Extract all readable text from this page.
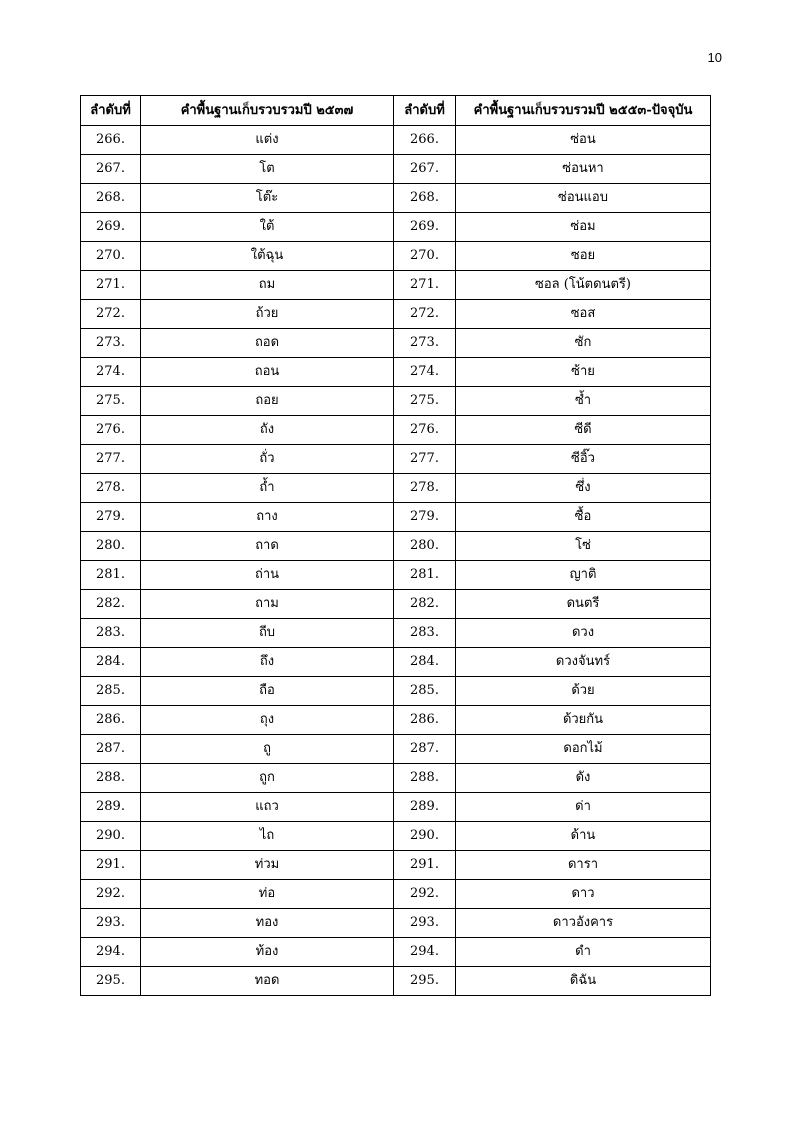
10
ลำดับที่	คำพื้นฐานเก็บรวบรวมปี ๒๕๓๗	ลำดับที่	คำพื้นฐานเก็บรวบรวมปี ๒๕๕๓-ปัจจุบัน
266.	แต่ง	266.	ซ่อน
267.	โต	267.	ซ่อนหา
268.	โต๊ะ	268.	ซ่อนแอบ
269.	ใต้	269.	ซ่อม
270.	ใต้ฉุน	270.	ซอย
271.	ถม	271.	ซอล (โน้ตดนตรี)
272.	ถ้วย	272.	ซอส
273.	ถอด	273.	ซัก
274.	ถอน	274.	ซ้าย
275.	ถอย	275.	ซ้ำ
276.	ถัง	276.	ซีดี
277.	ถั่ว	277.	ซีอิ๊ว
278.	ถ้ำ	278.	ซึ่ง
279.	ถาง	279.	ซื้อ
280.	ถาด	280.	โซ่
281.	ถ่าน	281.	ญาติ
282.	ถาม	282.	ดนตรี
283.	ถีบ	283.	ดวง
284.	ถึง	284.	ดวงจันทร์
285.	ถือ	285.	ด้วย
286.	ถุง	286.	ด้วยกัน
287.	ถู	287.	ดอกไม้
288.	ถูก	288.	ดัง
289.	แถว	289.	ด่า
290.	ไถ	290.	ด้าน
291.	ท่วม	291.	ดารา
292.	ท่อ	292.	ดาว
293.	ทอง	293.	ดาวอังคาร
294.	ท้อง	294.	ดำ
295.	ทอด	295.	ดิฉัน
